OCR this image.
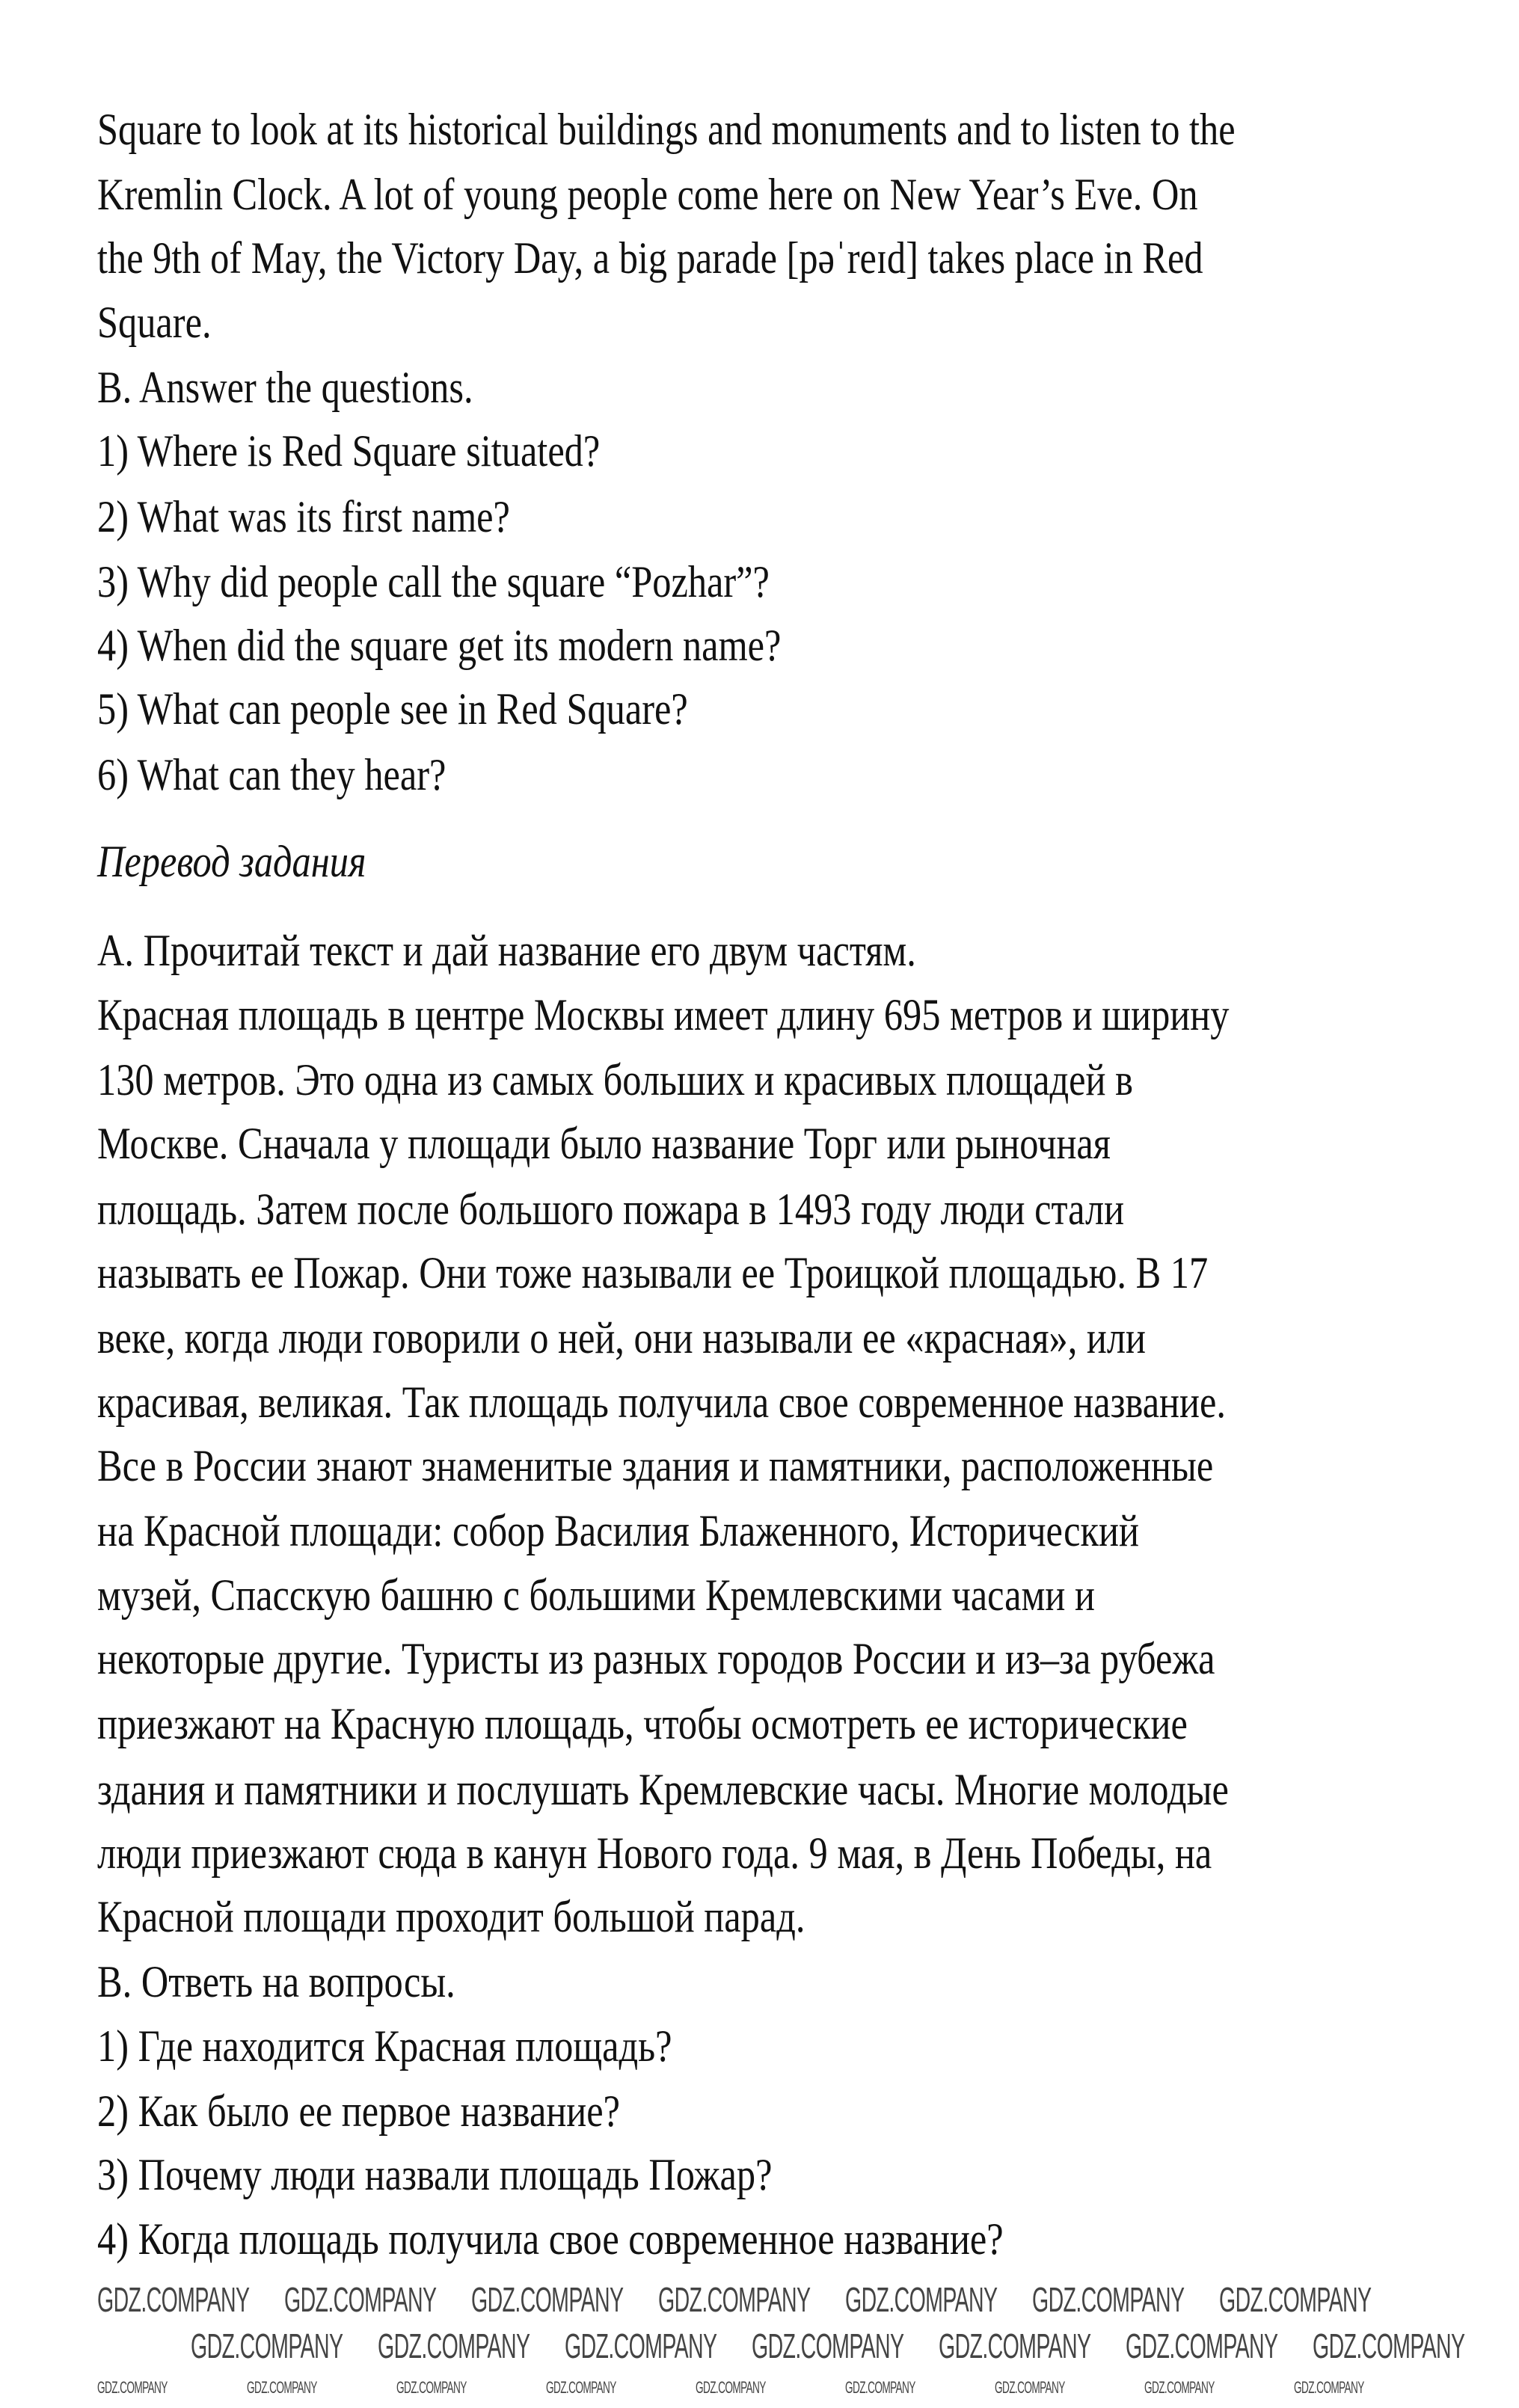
Square to look at its historical buildings and monuments and to listen to the
Kremlin Clock. A lot of young people come here on New Year’s Eve. On
the 9th of May, the Victory Day, a big parade [pəˈreɪd] takes place in Red
Square.
B. Answer the questions.
1) Where is Red Square situated?
2) What was its first name?
3) Why did people call the square “Pozhar”?
4) When did the square get its modern name?
5) What can people see in Red Square?
6) What can they hear?
Перевод задания
A. Прочитай текст и дай название его двум частям.
Красная площадь в центре Москвы имеет длину 695 метров и ширину
130 метров. Это одна из самых больших и красивых площадей в
Москве. Сначала у площади было название Торг или рыночная
площадь. Затем после большого пожара в 1493 году люди стали
называть ее Пожар. Они тоже называли ее Троицкой площадью. В 17
веке, когда люди говорили о ней, они называли ее «красная», или
красивая, великая. Так площадь получила свое современное название.
Все в России знают знаменитые здания и памятники, расположенные
на Красной площади: собор Василия Блаженного, Исторический
музей, Спасскую башню с большими Кремлевскими часами и
некоторые другие. Туристы из разных городов России и из–за рубежа
приезжают на Красную площадь, чтобы осмотреть ее исторические
здания и памятники и послушать Кремлевские часы. Многие молодые
люди приезжают сюда в канун Нового года. 9 мая, в День Победы, на
Красной площади проходит большой парад.
B. Ответь на вопросы.
1) Где находится Красная площадь?
2) Как было ее первое название?
3) Почему люди назвали площадь Пожар?
4) Когда площадь получила свое современное название?
GDZ.COMPANY GDZ.COMPANY GDZ.COMPANY GDZ.COMPANY GDZ.COMPANY GDZ.COMPANY GDZ.COMPANY
GDZ.COMPANY GDZ.COMPANY GDZ.COMPANY GDZ.COMPANY GDZ.COMPANY GDZ.COMPANY GDZ.COMPANY
GDZ.COMPANY	GDZ.COMPANY	GDZ.COMPANY	GDZ.COMPANY	GDZ.COMPANY	GDZ.COMPANY	GDZ.COMPANY	GDZ.COMPANY	GDZ.COMPANY
